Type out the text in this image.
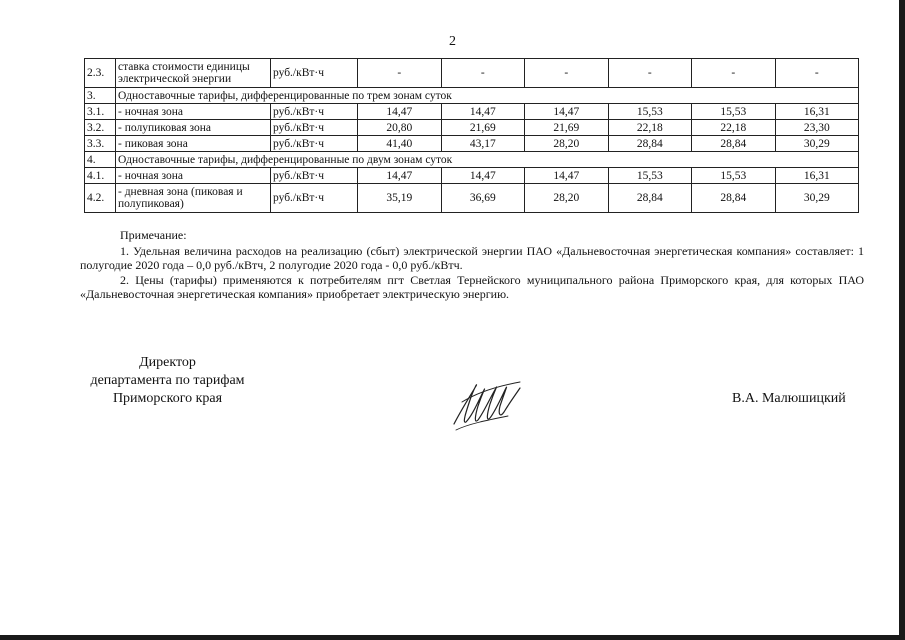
2
2.3.	ставка стоимости единицы электрической энергии	руб./кВт·ч	-	-	-	-	-	-
3.	Одноставочные тарифы, дифференцированные по трем зонам суток							
3.1.	- ночная зона	руб./кВт·ч	14,47	14,47	14,47	15,53	15,53	16,31
3.2.	- полупиковая зона	руб./кВт·ч	20,80	21,69	21,69	22,18	22,18	23,30
3.3.	- пиковая зона	руб./кВт·ч	41,40	43,17	28,20	28,84	28,84	30,29
4.	Одноставочные тарифы, дифференцированные по двум зонам суток							
4.1.	- ночная зона	руб./кВт·ч	14,47	14,47	14,47	15,53	15,53	16,31
4.2.	- дневная зона (пиковая и полупиковая)	руб./кВт·ч	35,19	36,69	28,20	28,84	28,84	30,29

Примечание:

1. Удельная величина расходов на реализацию (сбыт) электрической энергии ПАО «Дальневосточная энергетическая компания» составляет: 1 полугодие 2020 года – 0,0 руб./кВтч, 2 полугодие 2020 года - 0,0 руб./кВтч.

2. Цены (тарифы) применяются к потребителям пгт Светлая Тернейского муниципального района Приморского края, для которых ПАО «Дальневосточная энергетическая компания» приобретает электрическую энергию.

Директор
департамента по тарифам
Приморского края	В.А. Малюшицкий
